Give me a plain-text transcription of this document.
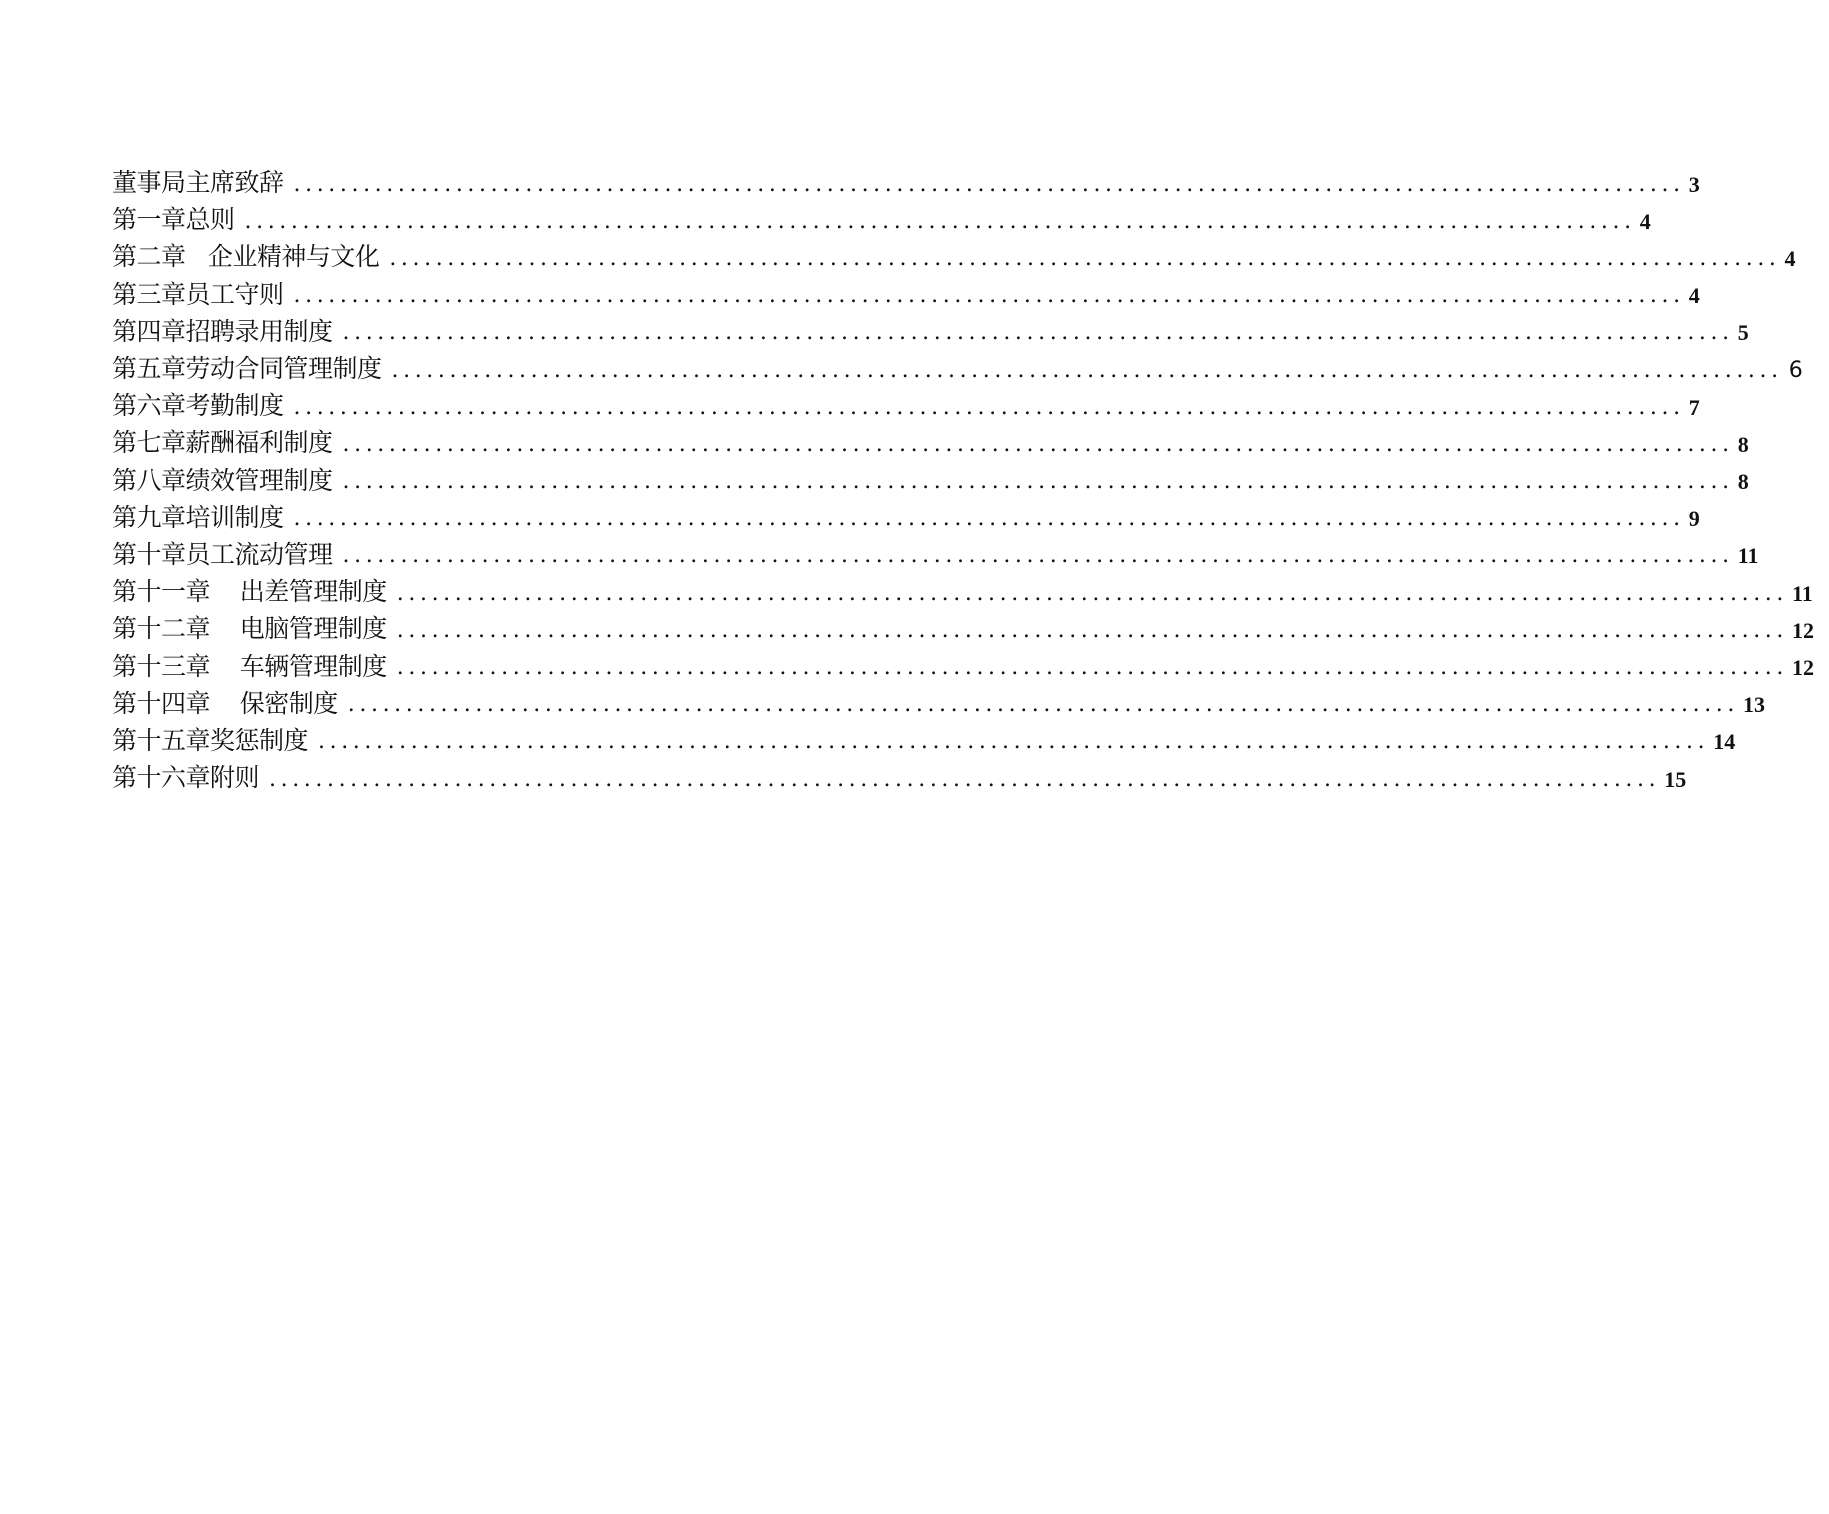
董事局主席致辞 ........................................................................................................................ 3
第一章总则 ........................................................................................................................ 4
第二章   企业精神与文化 ........................................................................................................................ 4
第三章员工守则 ........................................................................................................................ 4
第四章招聘录用制度 ........................................................................................................................ 5
第五章劳动合同管理制度 ........................................................................................................................ 6
第六章考勤制度 ........................................................................................................................ 7
第七章薪酬福利制度 ........................................................................................................................ 8
第八章绩效管理制度 ........................................................................................................................ 8
第九章培训制度 ........................................................................................................................ 9
第十章员工流动管理 ........................................................................................................................ 11
第十一章    出差管理制度 ........................................................................................................................ 11
第十二章    电脑管理制度 ........................................................................................................................ 12
第十三章    车辆管理制度 ........................................................................................................................ 12
第十四章    保密制度 ........................................................................................................................ 13
第十五章奖惩制度 ........................................................................................................................ 14
第十六章附则 ........................................................................................................................ 15
